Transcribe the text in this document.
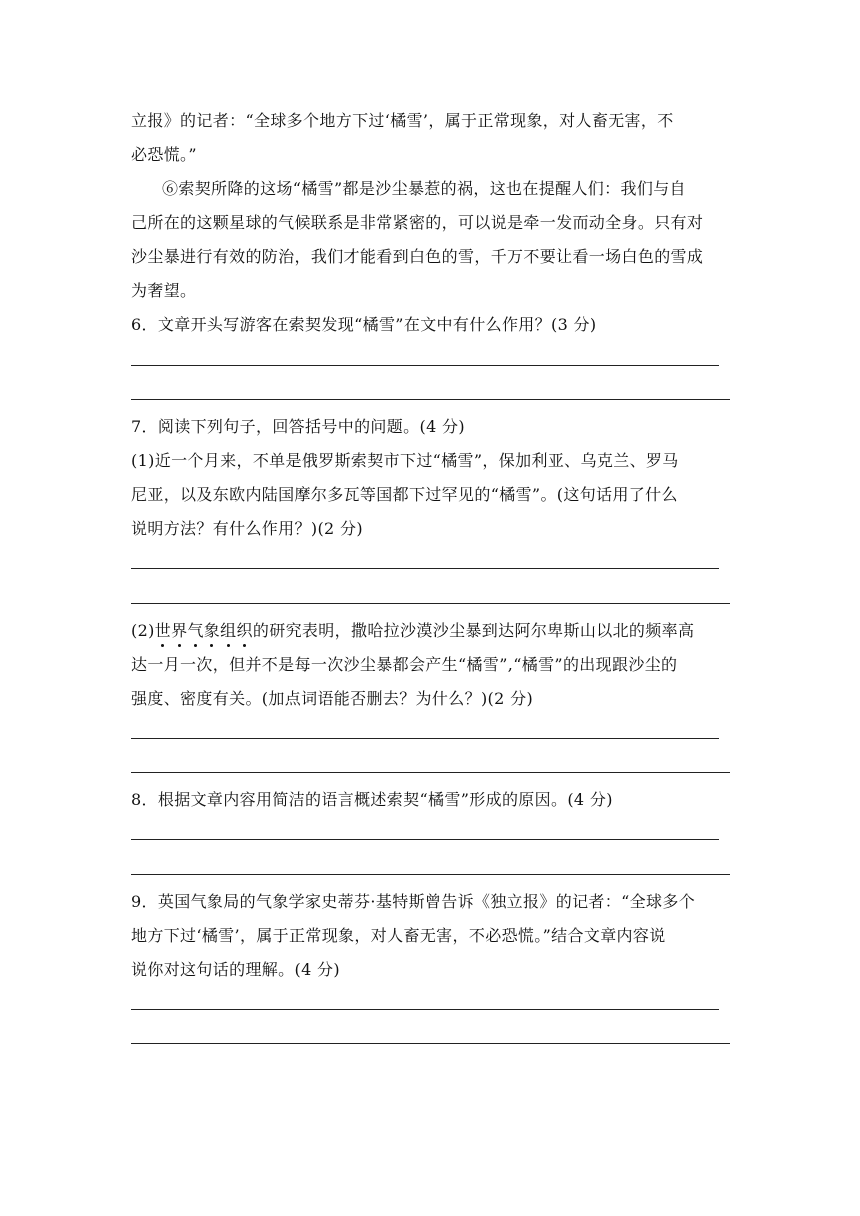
立报》的记者：“全球多个地方下过‘橘雪’，属于正常现象，对人畜无害，不
必恐慌。”
⑥索契所降的这场“橘雪”都是沙尘暴惹的祸，这也在提醒人们：我们与自
己所在的这颗星球的气候联系是非常紧密的，可以说是牵一发而动全身。只有对
沙尘暴进行有效的防治，我们才能看到白色的雪，千万不要让看一场白色的雪成
为奢望。
6．文章开头写游客在索契发现“橘雪”在文中有什么作用？(3 分)
7．阅读下列句子，回答括号中的问题。(4 分)
(1)近一个月来，不单是俄罗斯索契市下过“橘雪”，保加利亚、乌克兰、罗马
尼亚，以及东欧内陆国摩尔多瓦等国都下过罕见的“橘雪”。(这句话用了什么
说明方法？有什么作用？)(2 分)
(2)世界气象组织的研究表明，撒哈拉沙漠沙尘暴到达阿尔卑斯山以北的频率高
达一月一次，但并不是每一次沙尘暴都会产生“橘雪”,“橘雪”的出现跟沙尘的
强度、密度有关。(加点词语能否删去？为什么？)(2 分)
8．根据文章内容用简洁的语言概述索契“橘雪”形成的原因。(4 分)
9．英国气象局的气象学家史蒂芬·基特斯曾告诉《独立报》的记者：“全球多个
地方下过‘橘雪’，属于正常现象，对人畜无害，不必恐慌。”结合文章内容说
说你对这句话的理解。(4 分)
